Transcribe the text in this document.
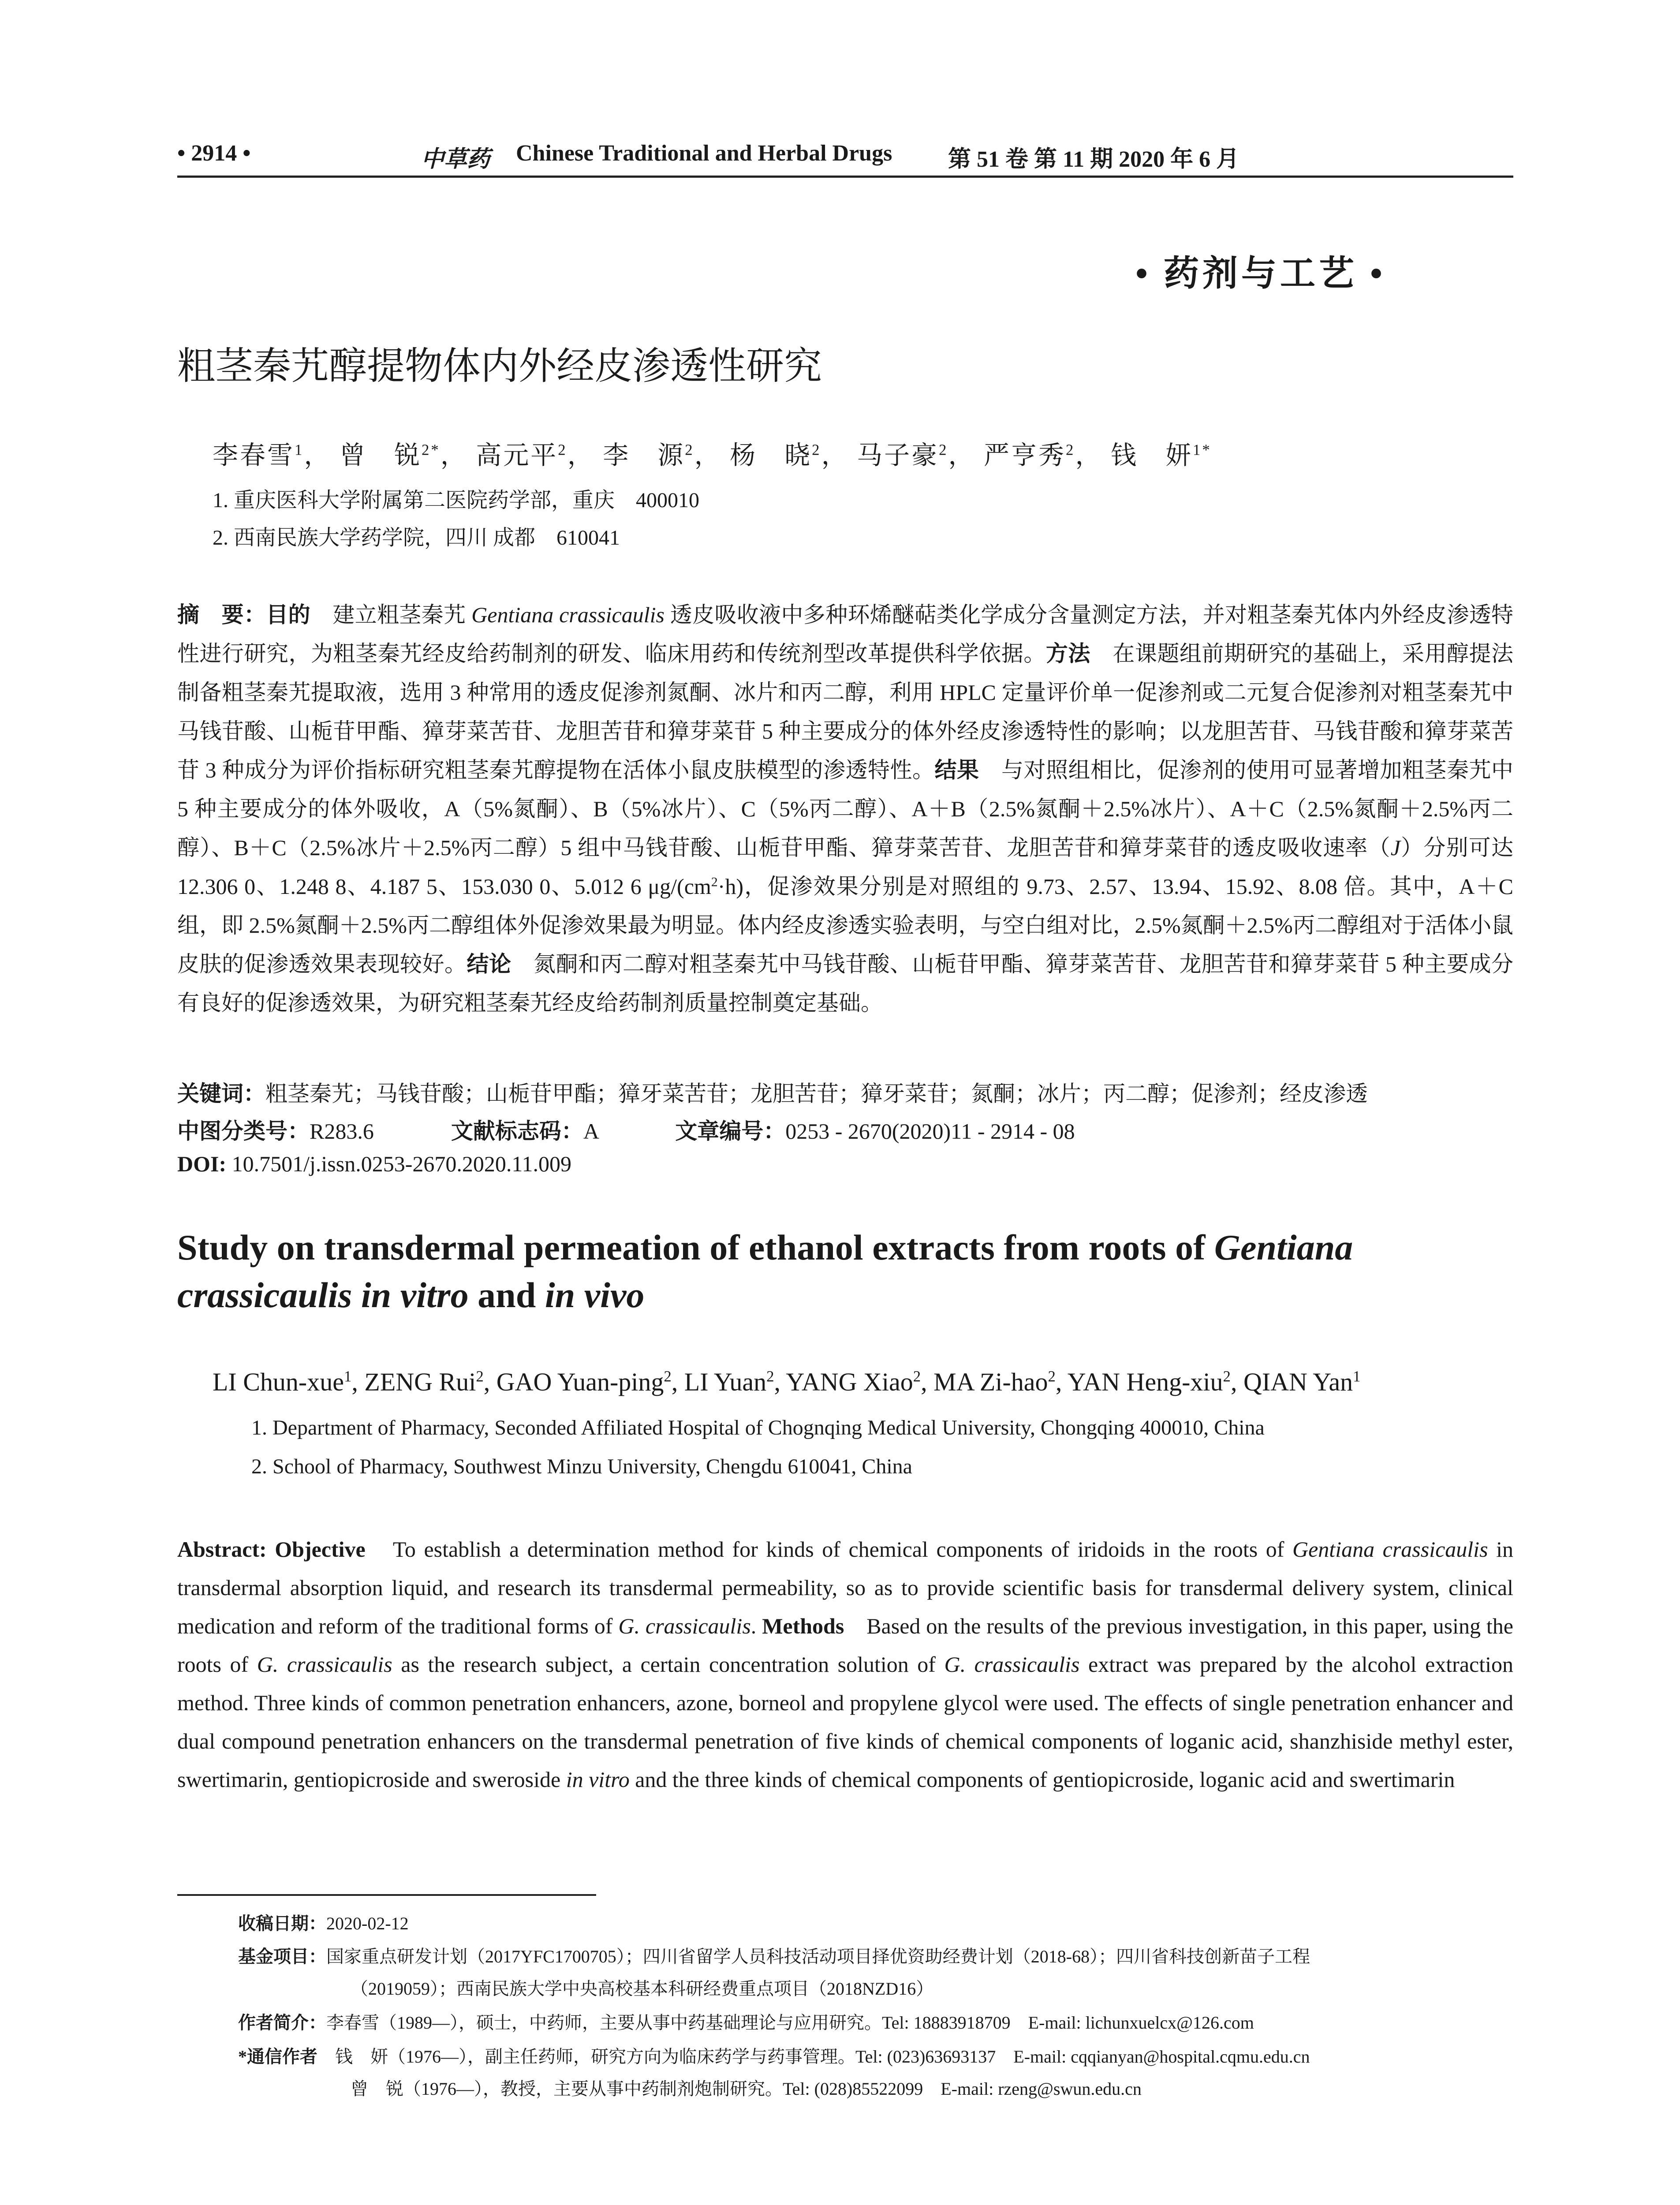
• 2914 •	中草药 Chinese Traditional and Herbal Drugs 第 51 卷 第 11 期 2020 年 6 月
• 药剂与工艺 •
粗茎秦艽醇提物体内外经皮渗透性研究
李春雪$^1$， 曾　锐$^{2*}$， 高元平$^2$， 李　源$^2$， 杨　晓$^2$， 马子豪$^2$， 严亨秀$^2$， 钱　妍$^{1*}$
1. 重庆医科大学附属第二医院药学部，重庆　400010
2. 西南民族大学药学院，四川 成都　610041

摘　要：目的　建立粗茎秦艽 Gentiana crassicaulis 透皮吸收液中多种环烯醚萜类化学成分含量测定方法，并对粗茎秦艽体内外经皮渗透特性进行研究，为粗茎秦艽经皮给药制剂的研发、临床用药和传统剂型改革提供科学依据。方法　在课题组前期研究的基础上，采用醇提法制备粗茎秦艽提取液，选用 3 种常用的透皮促渗剂氮酮、冰片和丙二醇，利用 HPLC 定量评价单一促渗剂或二元复合促渗剂对粗茎秦艽中马钱苷酸、山栀苷甲酯、獐芽菜苦苷、龙胆苦苷和獐芽菜苷 5 种主要成分的体外经皮渗透特性的影响；以龙胆苦苷、马钱苷酸和獐芽菜苦苷 3 种成分为评价指标研究粗茎秦艽醇提物在活体小鼠皮肤模型的渗透特性。结果　与对照组相比，促渗剂的使用可显著增加粗茎秦艽中 5 种主要成分的体外吸收，A（5%氮酮）、B（5%冰片）、C（5%丙二醇）、A＋B（2.5%氮酮＋2.5%冰片）、A＋C（2.5%氮酮＋2.5%丙二醇）、B＋C（2.5%冰片＋2.5%丙二醇）5 组中马钱苷酸、山栀苷甲酯、獐芽菜苦苷、龙胆苦苷和獐芽菜苷的透皮吸收速率（J）分别可达 12.306 0、1.248 8、4.187 5、153.030 0、5.012 6 $\mu g/(cm^2\cdot h)$，促渗效果分别是对照组的 9.73、2.57、13.94、15.92、8.08 倍。其中，A＋C 组，即 2.5%氮酮＋2.5%丙二醇组体外促渗效果最为明显。体内经皮渗透实验表明，与空白组对比，2.5%氮酮＋2.5%丙二醇组对于活体小鼠皮肤的促渗透效果表现较好。结论　氮酮和丙二醇对粗茎秦艽中马钱苷酸、山栀苷甲酯、獐芽菜苦苷、龙胆苦苷和獐芽菜苷 5 种主要成分有良好的促渗透效果，为研究粗茎秦艽经皮给药制剂质量控制奠定基础。

关键词：粗茎秦艽；马钱苷酸；山栀苷甲酯；獐牙菜苦苷；龙胆苦苷；獐牙菜苷；氮酮；冰片；丙二醇；促渗剂；经皮渗透
中图分类号：R283.6	文献标志码：A	文章编号：0253 - 2670(2020)11 - 2914 - 08
DOI: 10.7501/j.issn.0253-2670.2020.11.009

Study on transdermal permeation of ethanol extracts from roots of Gentiana crassicaulis in vitro and in vivo

LI Chun-xue$^1$, ZENG Rui$^2$, GAO Yuan-ping$^2$, LI Yuan$^2$, YANG Xiao$^2$, MA Zi-hao$^2$, YAN Heng-xiu$^2$, QIAN Yan$^1$
1. Department of Pharmacy, Seconded Affiliated Hospital of Chognqing Medical University, Chongqing 400010, China
2. School of Pharmacy, Southwest Minzu University, Chengdu 610041, China

Abstract: Objective　To establish a determination method for kinds of chemical components of iridoids in the roots of Gentiana crassicaulis in transdermal absorption liquid, and research its transdermal permeability, so as to provide scientific basis for transdermal delivery system, clinical medication and reform of the traditional forms of G. crassicaulis. Methods　Based on the results of the previous investigation, in this paper, using the roots of G. crassicaulis as the research subject, a certain concentration solution of G. crassicaulis extract was prepared by the alcohol extraction method. Three kinds of common penetration enhancers, azone, borneol and propylene glycol were used. The effects of single penetration enhancer and dual compound penetration enhancers on the transdermal penetration of five kinds of chemical components of loganic acid, shanzhiside methyl ester, swertimarin, gentiopicroside and sweroside in vitro and the three kinds of chemical components of gentiopicroside, loganic acid and swertimarin

收稿日期：2020-02-12
基金项目：国家重点研发计划（2017YFC1700705）；四川省留学人员科技活动项目择优资助经费计划（2018-68）；四川省科技创新苗子工程
（2019059）；西南民族大学中央高校基本科研经费重点项目（2018NZD16）
作者简介：李春雪（1989—），硕士，中药师，主要从事中药基础理论与应用研究。Tel: 18883918709　E-mail: lichunxuelcx@126.com
*通信作者　 钱　妍（1976—），副主任药师，研究方向为临床药学与药事管理。Tel: (023)63693137　E-mail: cqqianyan@hospital.cqmu.edu.cn
曾　锐（1976—），教授，主要从事中药制剂炮制研究。Tel: (028)85522099　E-mail: rzeng@swun.edu.cn
